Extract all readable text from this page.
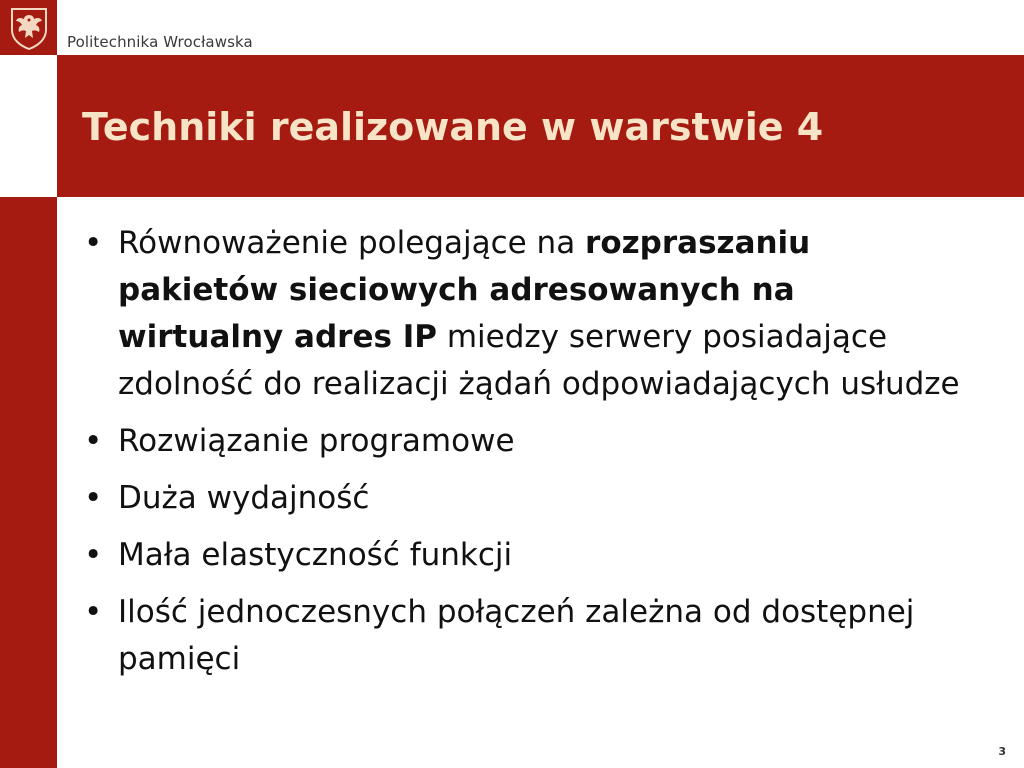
Politechnika Wrocławska
Techniki realizowane w warstwie 4
• Równoważenie polegające na rozpraszaniu pakietów sieciowych adresowanych na wirtualny adres IP miedzy serwery posiadające zdolność do realizacji żądań odpowiadających usłudze
• Rozwiązanie programowe
• Duża wydajność
• Mała elastyczność funkcji
• Ilość jednoczesnych połączeń zależna od dostępnej pamięci
3
